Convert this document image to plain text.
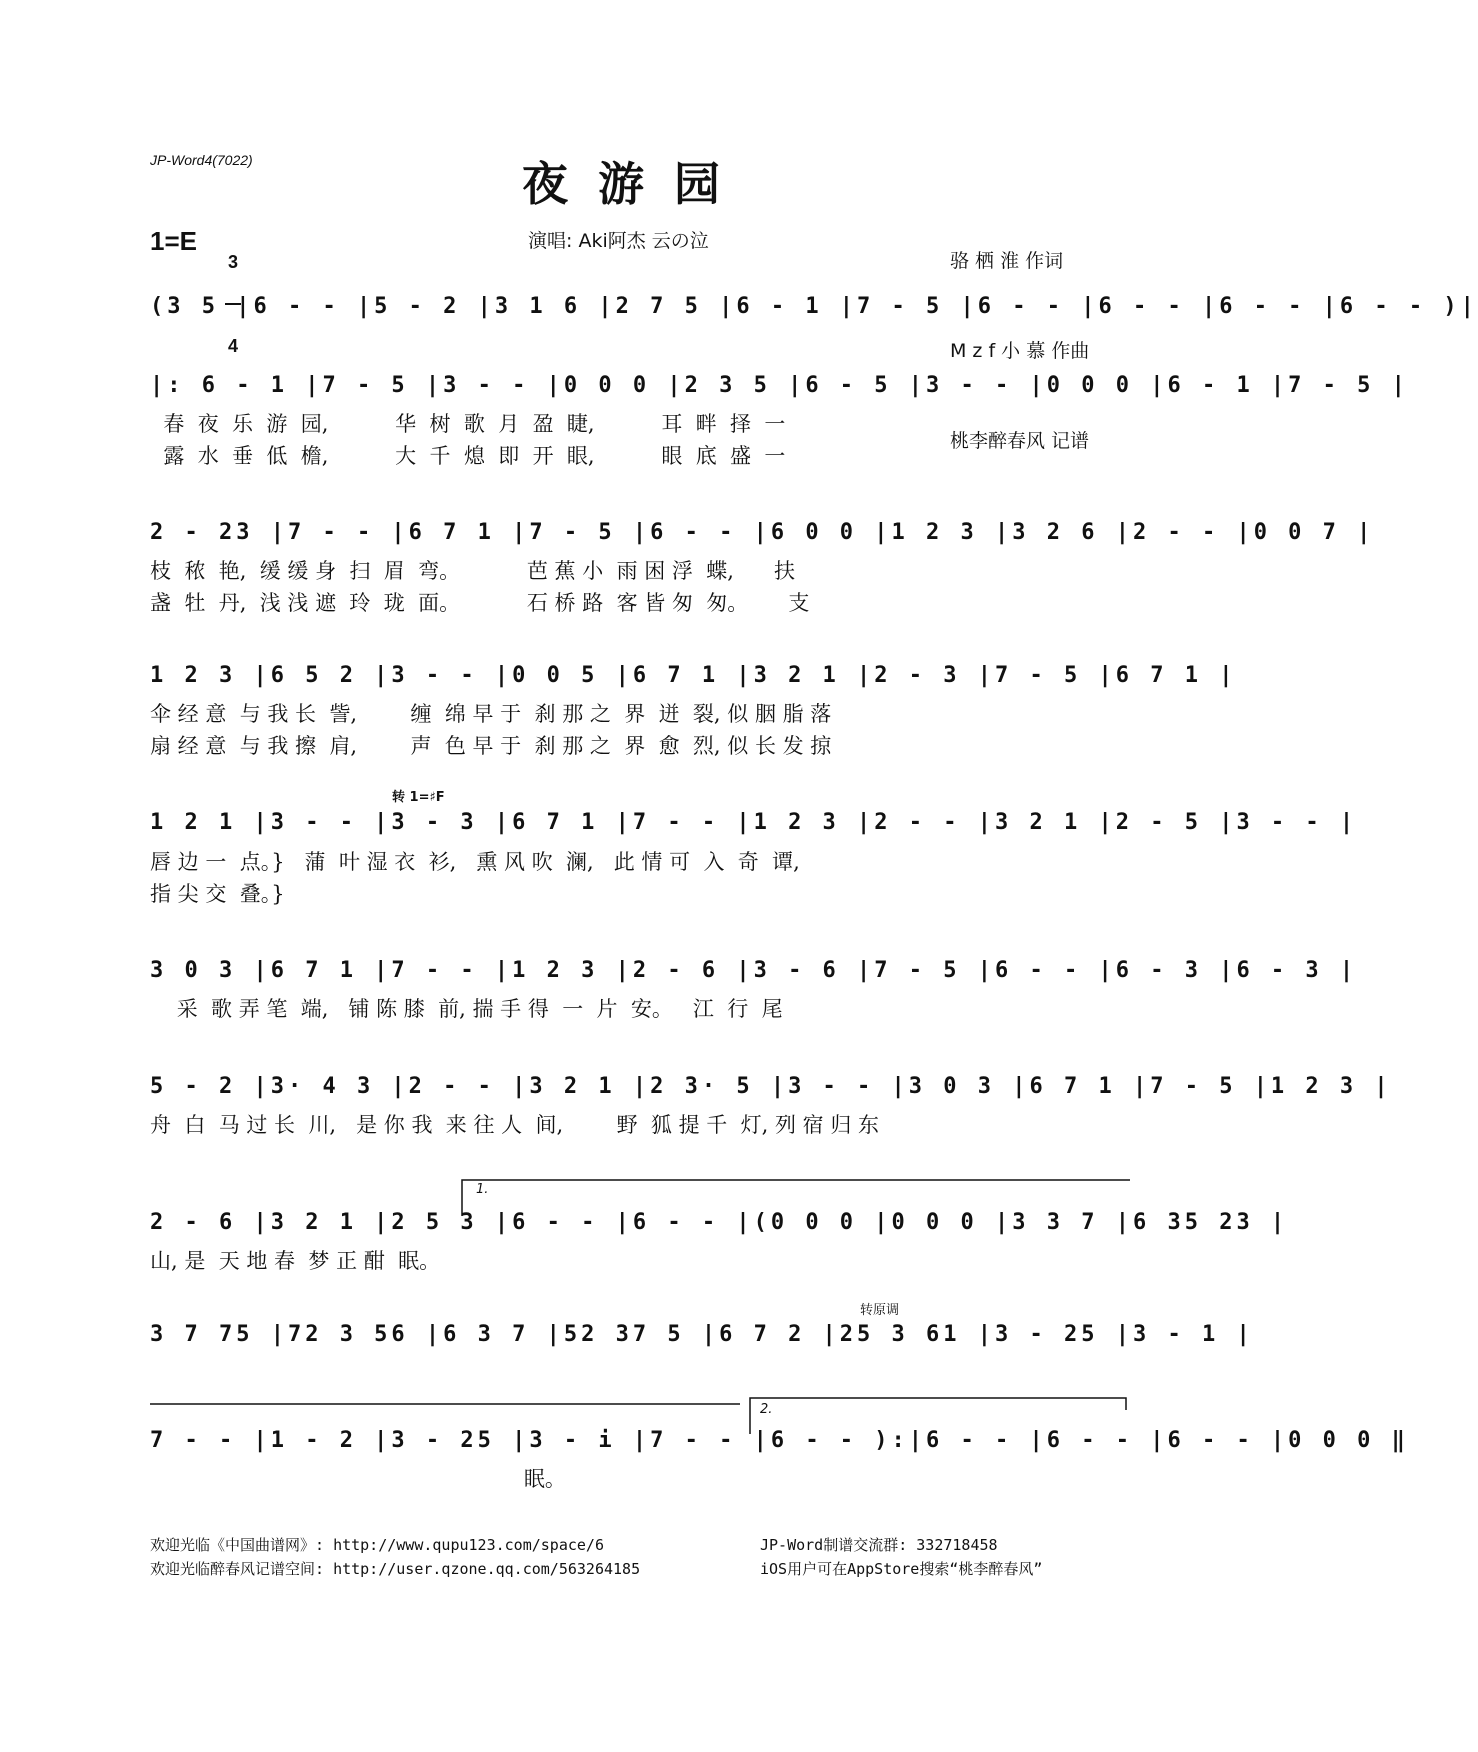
JP-Word4(7022)	夜游园
1=E

3

4

演唱: Aki阿杰 云の泣

骆 栖 淮 作词

M z f 小 慕 作曲

桃李醉春风 记谱

(3 5 |6 - - |5 - 2 |3 1 6 |2 7 5 |6 - 1 |7 - 5 |6 - - |6 - - |6 - - |6 - - )|
|: 6 - 1 |7 - 5 |3 - - |0 0 0 |2 3 5 |6 - 5 |3 - - |0 0 0 |6 - 1 |7 - 5 |
春  夜  乐  游  园,          华  树  歌  月  盈  睫,          耳  畔  择  一
露  水  垂  低  檐,          大  千  熄  即  开  眼,          眼  底  盛  一
2 - 23 |7 - - |6 7 1 |7 - 5 |6 - - |6 0 0 |1 2 3 |3 2 6 |2 - - |0 0 7 |
枝  秾  艳,  缓 缓 身  扫  眉  弯。          芭 蕉 小  雨 困 浮  蝶,      扶
盏  牡  丹,  浅 浅 遮  玲  珑  面。          石 桥 路  客 皆 匆  匆。      支
1 2 3 |6 5 2 |3 - - |0 0 5 |6 7 1 |3 2 1 |2 - 3 |7 - 5 |6 7 1 |
伞 经 意  与 我 长  訾,        缠  绵 早 于  刹 那 之  界  迸  裂, 似 胭 脂 落
扇 经 意  与 我 擦  肩,        声  色 早 于  刹 那 之  界  愈  烈, 似 长 发 掠
转 1=♯F
1 2 1 |3 - - |3 - 3 |6 7 1 |7 - - |1 2 3 |2 - - |3 2 1 |2 - 5 |3 - - |
唇 边 一  点。}   蒲  叶 湿 衣  衫,   熏 风 吹  澜,   此 情 可  入  奇  谭,
指 尖 交  叠。}
3 0 3 |6 7 1 |7 - - |1 2 3 |2 - 6 |3 - 6 |7 - 5 |6 - - |6 - 3 |6 - 3 |
采  歌 弄 笔  端,   铺 陈 膝  前, 揣 手 得  一  片  安。   江  行  尾
5 - 2 |3· 4 3 |2 - - |3 2 1 |2 3· 5 |3 - - |3 0 3 |6 7 1 |7 - 5 |1 2 3 |
舟  白  马 过 长  川,   是 你 我  来 往 人  间,        野  狐 提 千  灯, 列 宿 归 东
1.
2 - 6 |3 2 1 |2 5 3 |6 - - |6 - - |(0 0 0 |0 0 0 |3 3 7 |6 35 23 |
山, 是  天 地 春  梦 正 酣  眠。
转原调
3 7 75 |72 3 56 |6 3 7 |52 37 5 |6 7 2 |25 3 61 |3 - 25 |3 - 1 |
2.
7 - - |1 - 2 |3 - 25 |3 - i |7 - - |6 - - ):|6 - - |6 - - |6 - - |0 0 0 ‖
眠。
欢迎光临《中国曲谱网》: http://www.qupu123.com/space/6
欢迎光临醉春风记谱空间: http://user.qzone.qq.com/563264185
JP-Word制谱交流群: 332718458
iOS用户可在AppStore搜索“桃李醉春风”
